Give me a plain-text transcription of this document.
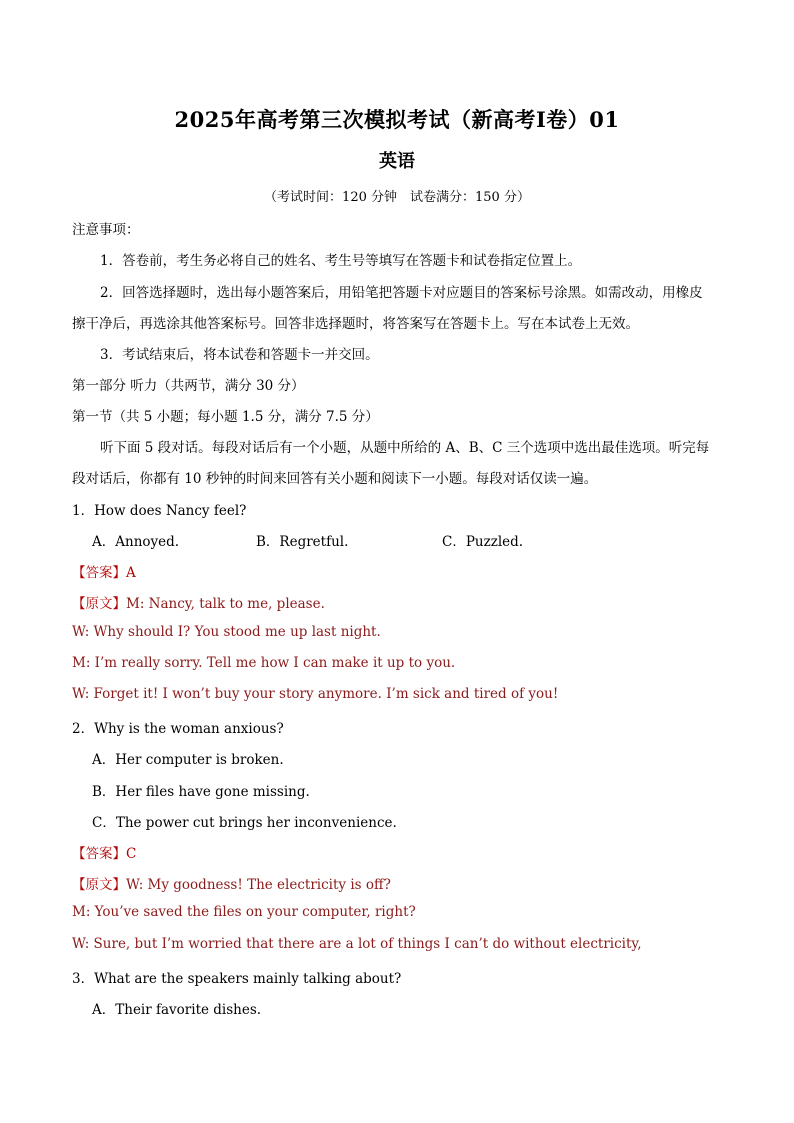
2025年高考第三次模拟考试（新高考I卷）01
英语
（考试时间：120 分钟　试卷满分：150 分）
注意事项：
1．答卷前，考生务必将自己的姓名、考生号等填写在答题卡和试卷指定位置上。
2．回答选择题时，选出每小题答案后，用铅笔把答题卡对应题目的答案标号涂黑。如需改动，用橡皮
擦干净后，再选涂其他答案标号。回答非选择题时，将答案写在答题卡上。写在本试卷上无效。
3．考试结束后，将本试卷和答题卡一并交回。
第一部分 听力（共两节，满分 30 分）
第一节（共 5 小题；每小题 1.5 分，满分 7.5 分）
听下面 5 段对话。每段对话后有一个小题，从题中所给的 A、B、C 三个选项中选出最佳选项。听完每
段对话后，你都有 10 秒钟的时间来回答有关小题和阅读下一小题。每段对话仅读一遍。
1．How does Nancy feel?
A．Annoyed.	B．Regretful.	C．Puzzled.
【答案】A
【原文】M: Nancy, talk to me, please.
W: Why should I? You stood me up last night.
M: I’m really sorry. Tell me how I can make it up to you.
W: Forget it! I won’t buy your story anymore. I’m sick and tired of you!
2．Why is the woman anxious?
A．Her computer is broken.
B．Her files have gone missing.
C．The power cut brings her inconvenience.
【答案】C
【原文】W: My goodness! The electricity is off?
M: You’ve saved the files on your computer, right?
W: Sure, but I’m worried that there are a lot of things I can’t do without electricity,
3．What are the speakers mainly talking about?
A．Their favorite dishes.
